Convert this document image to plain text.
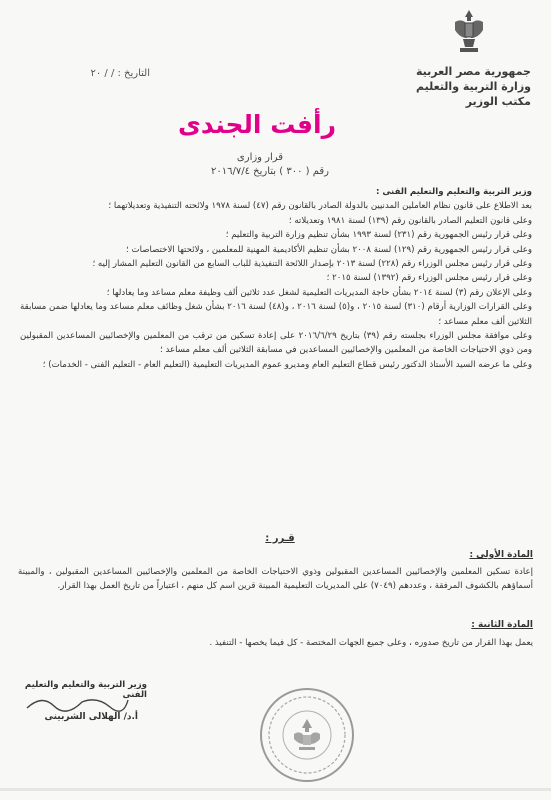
جمهورية مصر العربية
وزارة التربية والتعليم
مكتب الوزير
التاريخ : / / ٢٠
رأفت الجندى
قرار وزارى
رقم ( ٣٠٠ ) بتاريخ ٢٠١٦/٧/٤

وزير التربية والتعليم والتعليم الفنى :

بعد الاطلاع على قانون نظام العاملين المدنيين بالدولة الصادر بالقانون رقم (٤٧) لسنة ١٩٧٨ ولائحته التنفيذية وتعديلاتهما ؛

وعلى قانون التعليم الصادر بالقانون رقم (١٣٩) لسنة ١٩٨١ وتعديلاته ؛

وعلى قرار رئيس الجمهورية رقم (٢٣١) لسنة ١٩٩٣ بشأن تنظيم وزارة التربية والتعليم ؛

وعلى قرار رئيس الجمهورية رقم (١٢٩) لسنة ٢٠٠٨ بشأن تنظيم الأكاديمية المهنية للمعلمين ، ولائحتها الاختصاصات ؛

وعلى قرار رئيس مجلس الوزراء رقم (٢٢٨) لسنة ٢٠١٣ بإصدار اللائحة التنفيذية للباب السابع من القانون التعليم المشار إليه ؛

وعلى قرار رئيس مجلس الوزراء رقم (١٣٩٢) لسنة ٢٠١٥ ؛

وعلى الإعلان رقم (٣) لسنة ٢٠١٤ بشأن حاجة المديريات التعليمية لشغل عدد ثلاثين ألف وظيفة معلم مساعد وما يعادلها ؛

وعلى القرارات الوزارية أرقام (٣١٠) لسنة ٢٠١٥ ، و(٥) لسنة ٢٠١٦ ، و(٤٨) لسنة ٢٠١٦ بشأن شغل وظائف معلم مساعد وما يعادلها ضمن مسابقة الثلاثين ألف معلم مساعد ؛

وعلى موافقة مجلس الوزراء بجلسته رقم (٣٩) بتاريخ ٢٠١٦/٦/٢٩ على إعادة تسكين من ترقب من المعلمين والإخصائيين المساعدين المقبولين ومن ذوي الاحتياجات الخاصة من المعلمين والإخصائيين المساعدين في مسابقة الثلاثين ألف معلم مساعد ؛

وعلى ما عرضه السيد الأستاذ الدكتور رئيس قطاع التعليم العام ومديرو عموم المديريات التعليمية (التعليم العام - التعليم الفنى - الخدمات) ؛

قـرر :
المادة الأولى :
إعادة تسكين المعلمين والإخصائيين المساعدين المقبولين وذوي الاحتياجات الخاصة من المعلمين والإخصائيين المساعدين المقبولين ، والمبينة أسماؤهم بالكشوف المرفقة ، وعددهم (٧٠٤٩) على المديريات التعليمية المبينة قرين اسم كل منهم ، اعتباراً من تاريخ العمل بهذا القرار.
المادة الثانية :
يعمل بهذا القرار من تاريخ صدوره ، وعلى جميع الجهات المختصة - كل فيما يخصها - التنفيذ .
وزير التربية والتعليم والتعليم الفنى
أ.د/ الهلالى الشربينى
